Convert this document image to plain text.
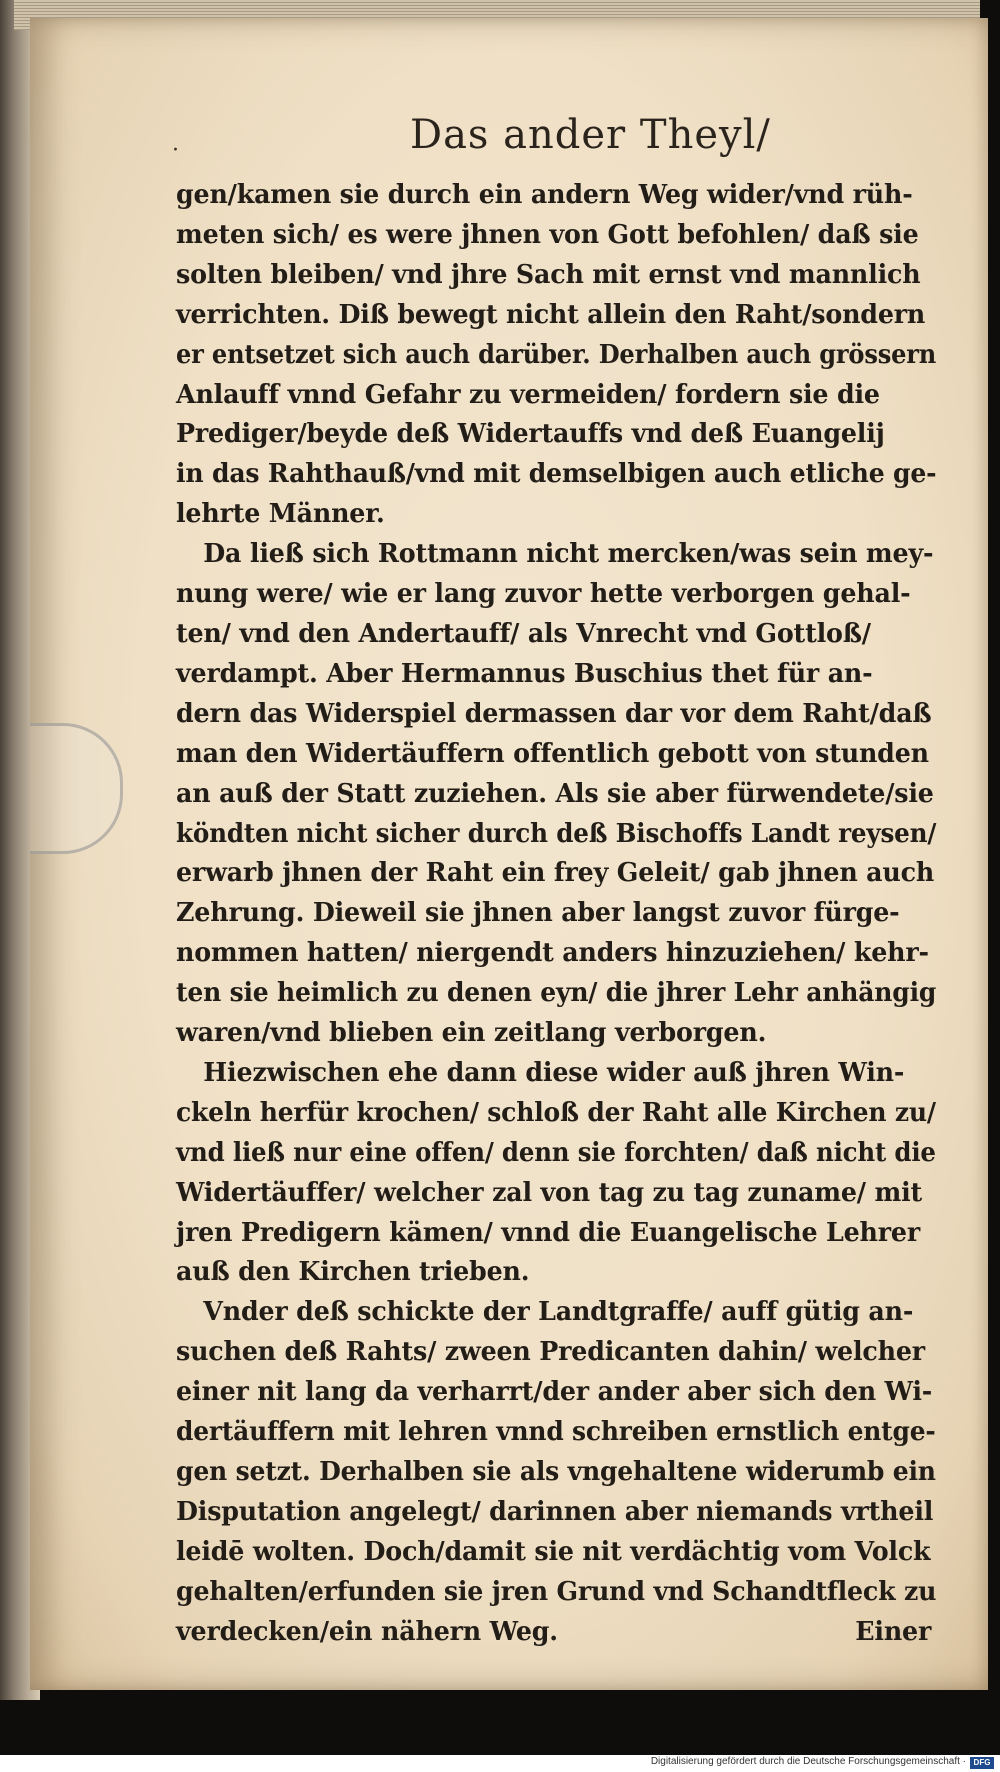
·	Das ander Theyl/
gen/kamen sie durch ein andern Weg wider/vnd rüh-
meten sich/ es were jhnen von Gott befohlen/ daß sie
solten bleiben/ vnd jhre Sach mit ernst vnd mannlich
verrichten. Diß bewegt nicht allein den Raht/sondern
er entsetzet sich auch darüber. Derhalben auch grössern
Anlauff vnnd Gefahr zu vermeiden/ fordern sie die
Prediger/beyde deß Widertauffs vnd deß Euangelij
in das Rahthauß/vnd mit demselbigen auch etliche ge-
lehrte Männer.
Da ließ sich Rottmann nicht mercken/was sein mey-
nung were/ wie er lang zuvor hette verborgen gehal-
ten/ vnd den Andertauff/ als Vnrecht vnd Gottloß/
verdampt. Aber Hermannus Buschius thet für an-
dern das Widerspiel dermassen dar vor dem Raht/daß
man den Widertäuffern offentlich gebott von stunden
an auß der Statt zuziehen. Als sie aber fürwendete/sie
köndten nicht sicher durch deß Bischoffs Landt reysen/
erwarb jhnen der Raht ein frey Geleit/ gab jhnen auch
Zehrung. Dieweil sie jhnen aber langst zuvor fürge-
nommen hatten/ niergendt anders hinzuziehen/ kehr-
ten sie heimlich zu denen eyn/ die jhrer Lehr anhängig
waren/vnd blieben ein zeitlang verborgen.
Hiezwischen ehe dann diese wider auß jhren Win-
ckeln herfür krochen/ schloß der Raht alle Kirchen zu/
vnd ließ nur eine offen/ denn sie forchten/ daß nicht die
Widertäuffer/ welcher zal von tag zu tag zuname/ mit
jren Predigern kämen/ vnnd die Euangelische Lehrer
auß den Kirchen trieben.
Vnder deß schickte der Landtgraffe/ auff gütig an-
suchen deß Rahts/ zween Predicanten dahin/ welcher
einer nit lang da verharrt/der ander aber sich den Wi-
dertäuffern mit lehren vnnd schreiben ernstlich entge-
gen setzt. Derhalben sie als vngehaltene widerumb ein
Disputation angelegt/ darinnen aber niemands vrtheil
leidē wolten. Doch/damit sie nit verdächtig vom Volck
gehalten/erfunden sie jren Grund vnd Schandtfleck zu
verdecken/ein nähern Weg.	Einer
Digitalisierung gefördert durch die Deutsche Forschungsgemeinschaft · DFG
